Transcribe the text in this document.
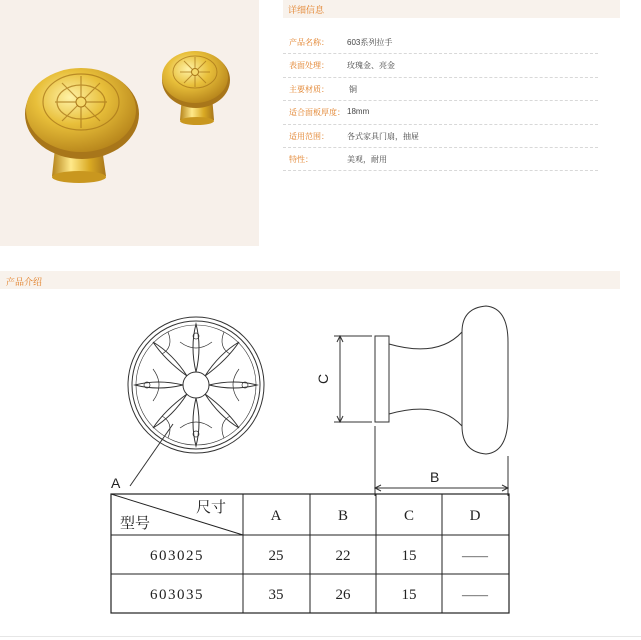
详细信息
产品名称： 603系列拉手
表面处理： 玫瑰金、亮金
主要材质：	铜
适合面板厚度： 18mm
适用范围： 各式家具门扇，抽屉
特性：	美观，耐用
产品介绍
A
C
B
尺寸
型号	A	B	C	D
603025	25	22	15	——
603035	35	26	15	——
